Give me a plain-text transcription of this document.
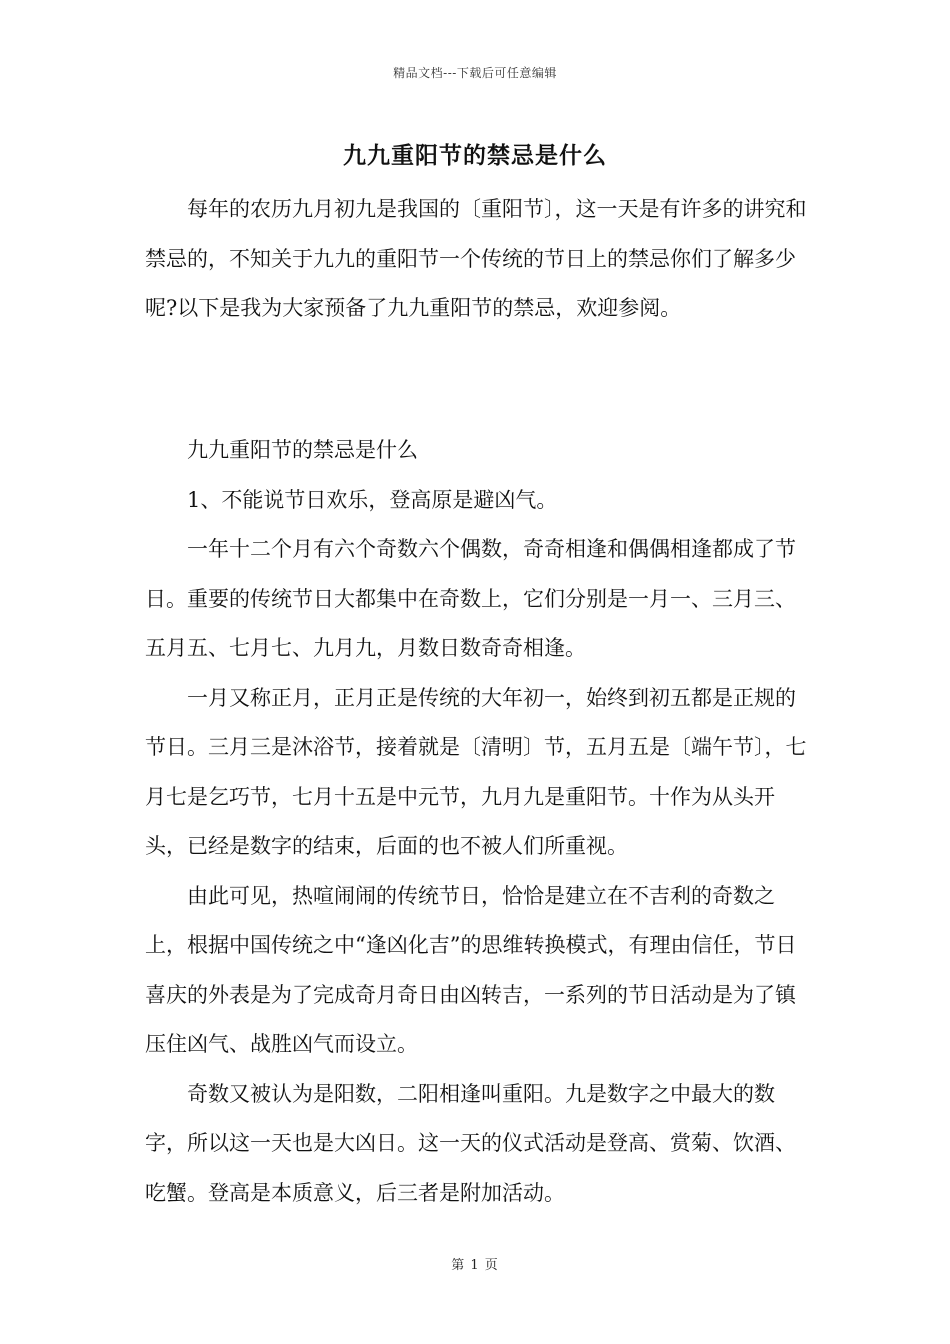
精品文档---下载后可任意编辑
九九重阳节的禁忌是什么

每年的农历九月初九是我国的〔重阳节〕，这一天是有许多的讲究和禁忌的，不知关于九九的重阳节一个传统的节日上的禁忌你们了解多少呢?以下是我为大家预备了九九重阳节的禁忌，欢迎参阅。

九九重阳节的禁忌是什么

1、不能说节日欢乐，登高原是避凶气。

一年十二个月有六个奇数六个偶数，奇奇相逢和偶偶相逢都成了节日。重要的传统节日大都集中在奇数上，它们分别是一月一、三月三、五月五、七月七、九月九，月数日数奇奇相逢。

一月又称正月，正月正是传统的大年初一，始终到初五都是正规的节日。三月三是沐浴节，接着就是〔清明〕节，五月五是〔端午节〕，七月七是乞巧节，七月十五是中元节，九月九是重阳节。十作为从头开头，已经是数字的结束，后面的也不被人们所重视。

由此可见，热喧闹闹的传统节日，恰恰是建立在不吉利的奇数之上，根据中国传统之中“逢凶化吉”的思维转换模式，有理由信任，节日喜庆的外表是为了完成奇月奇日由凶转吉，一系列的节日活动是为了镇压住凶气、战胜凶气而设立。

奇数又被认为是阳数，二阳相逢叫重阳。九是数字之中最大的数字，所以这一天也是大凶日。这一天的仪式活动是登高、赏菊、饮酒、吃蟹。登高是本质意义，后三者是附加活动。

第 1 页
